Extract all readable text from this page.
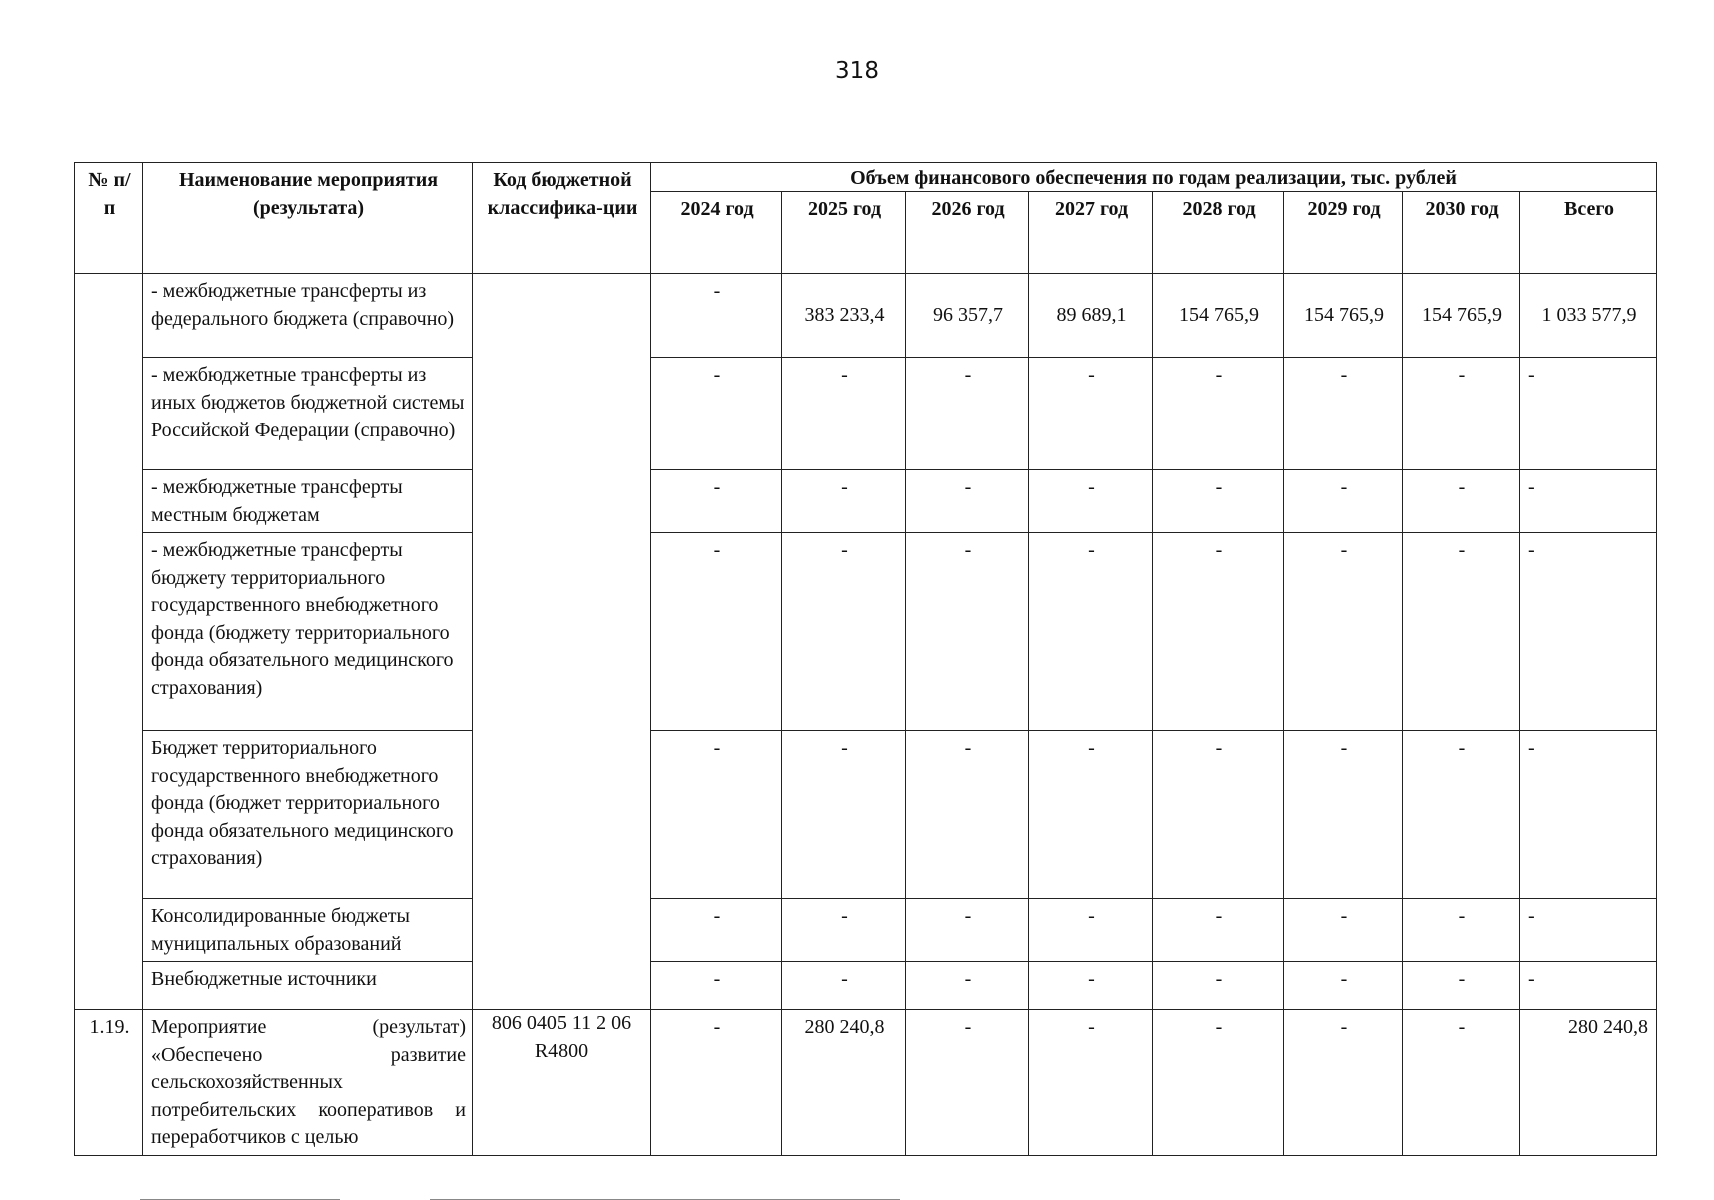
318
№ п/п	Наименование мероприятия (результата)	Код бюджетной классифика-ции	Объем финансового обеспечения по годам реализации, тыс. рублей							
			2024 год	2025 год	2026 год	2027 год	2028 год	2029 год	2030 год	Всего
	- межбюджетные трансферты из федерального бюджета (справочно)		-	383 233,4	96 357,7	89 689,1	154 765,9	154 765,9	154 765,9	1 033 577,9
	- межбюджетные трансферты из иных бюджетов бюджетной системы Российской Федерации (справочно)		-	-	-	-	-	-	-	-
	- межбюджетные трансферты местным бюджетам		-	-	-	-	-	-	-	-
	- межбюджетные трансферты бюджету территориального государственного внебюджетного фонда (бюджету территориального фонда обязательного медицинского страхования)		-	-	-	-	-	-	-	-
	Бюджет территориального государственного внебюджетного фонда (бюджет территориального фонда обязательного медицинского страхования)		-	-	-	-	-	-	-	-
	Консолидированные бюджеты муниципальных образований		-	-	-	-	-	-	-	-
	Внебюджетные источники		-	-	-	-	-	-	-	-
1.19.	Мероприятие (результат) «Обеспечено развитие сельскохозяйственных потребительских кооперативов и переработчиков с целью	806 0405 11 2 06 R4800	-	280 240,8	-	-	-	-	-	280 240,8
